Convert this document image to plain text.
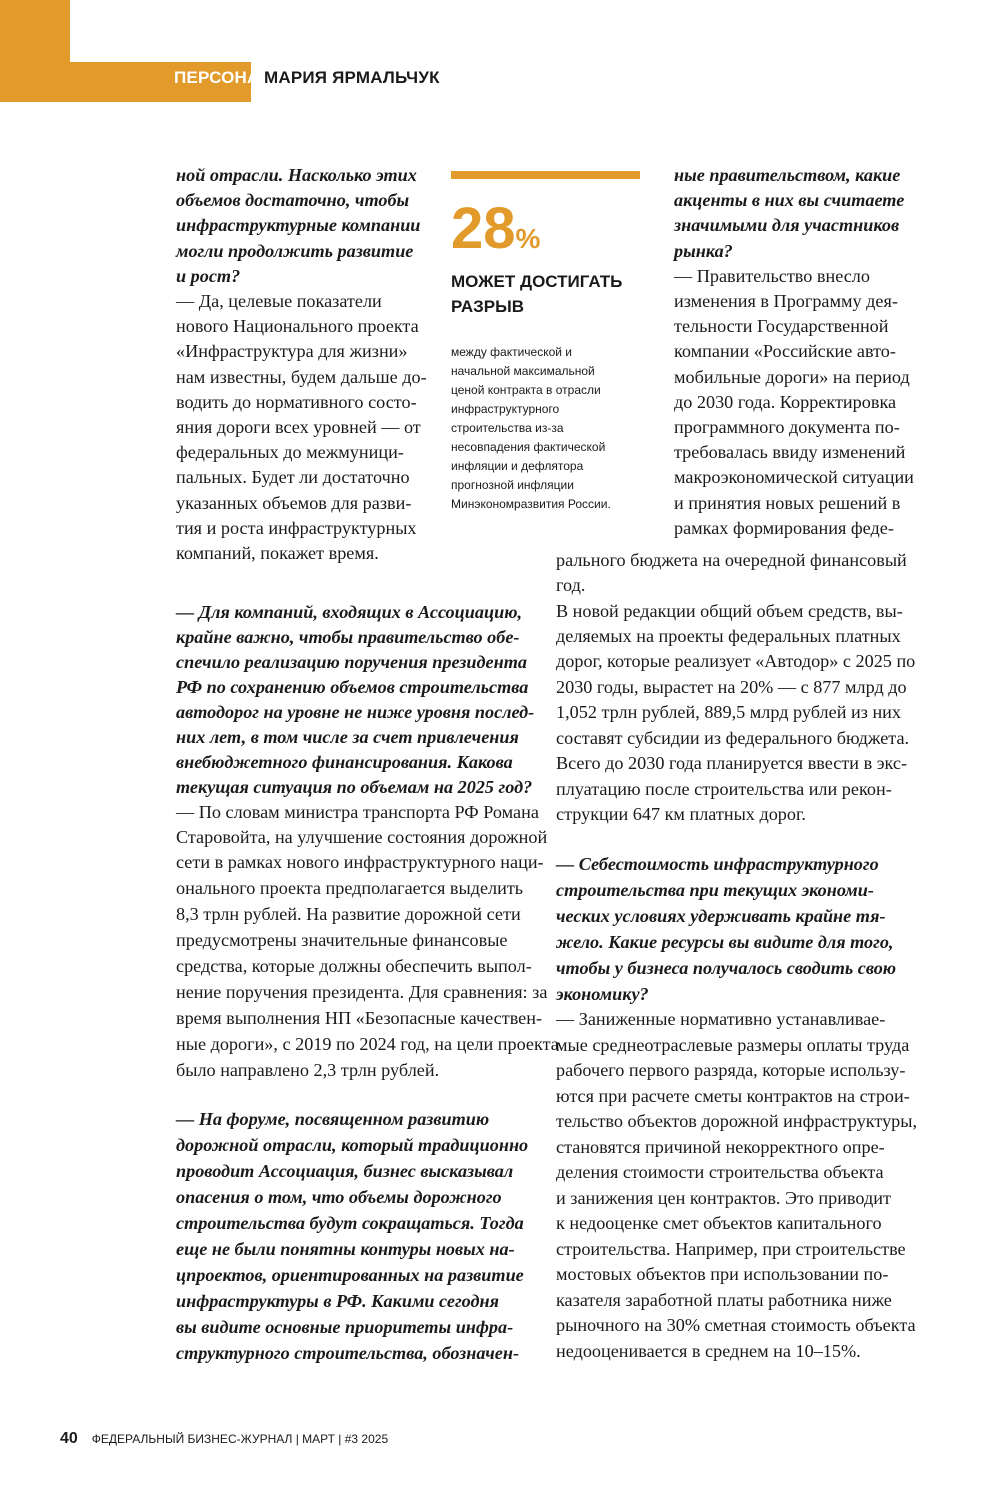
ПЕРСОНА МАРИЯ ЯРМАЛЬЧУК
ной отрасли. Насколько этих
объемов достаточно, чтобы
инфраструктурные компании
могли продолжить развитие
и рост?
— Да, целевые показатели
нового Национального проекта
«Инфраструктура для жизни»
нам известны, будем дальше до-
водить до нормативного состо-
яния дороги всех уровней — от
федеральных до межмуници-
пальных. Будет ли достаточно
указанных объемов для разви-
тия и роста инфраструктурных
компаний, покажет время.
— Для компаний, входящих в Ассоциацию,
крайне важно, чтобы правительство обе-
спечило реализацию поручения президента
РФ по сохранению объемов строительства
автодорог на уровне не ниже уровня послед-
них лет, в том числе за счет привлечения
внебюджетного финансирования. Какова
текущая ситуация по объемам на 2025 год?
— По словам министра транспорта РФ Романа
Старовойта, на улучшение состояния дорожной
сети в рамках нового инфраструктурного наци-
онального проекта предполагается выделить
8,3 трлн рублей. На развитие дорожной сети
предусмотрены значительные финансовые
средства, которые должны обеспечить выпол-
нение поручения президента. Для сравнения: за
время выполнения НП «Безопасные качествен-
ные дороги», с 2019 по 2024 год, на цели проекта
было направлено 2,3 трлн рублей.
— На форуме, посвященном развитию
дорожной отрасли, который традиционно
проводит Ассоциация, бизнес высказывал
опасения о том, что объемы дорожного
строительства будут сокращаться. Тогда
еще не были понятны контуры новых на-
цпроектов, ориентированных на развитие
инфраструктуры в РФ. Какими сегодня
вы видите основные приоритеты инфра-
структурного строительства, обозначен-
28%
МОЖЕТ ДОСТИГАТЬ
РАЗРЫВ
между фактической и
начальной максимальной
ценой контракта в отрасли
инфраструктурного
строительства из-за
несовпадения фактической
инфляции и дефлятора
прогнозной инфляции
Минэкономразвития России.
ные правительством, какие
акценты в них вы считаете
значимыми для участников
рынка?
— Правительство внесло
изменения в Программу дея-
тельности Государственной
компании «Российские авто-
мобильные дороги» на период
до 2030 года. Корректировка
программного документа по-
требовалась ввиду изменений
макроэкономической ситуации
и принятия новых решений в
рамках формирования феде-
рального бюджета на очередной финансовый
год.
В новой редакции общий объем средств, вы-
деляемых на проекты федеральных платных
дорог, которые реализует «Автодор» с 2025 по
2030 годы, вырастет на 20% — с 877 млрд до
1,052 трлн рублей, 889,5 млрд рублей из них
составят субсидии из федерального бюджета.
Всего до 2030 года планируется ввести в экс-
плуатацию после строительства или рекон-
струкции 647 км платных дорог.
— Себестоимость инфраструктурного
строительства при текущих экономи-
ческих условиях удерживать крайне тя-
жело. Какие ресурсы вы видите для того,
чтобы у бизнеса получалось сводить свою
экономику?
— Заниженные нормативно устанавливае-
мые среднеотраслевые размеры оплаты труда
рабочего первого разряда, которые использу-
ются при расчете сметы контрактов на строи-
тельство объектов дорожной инфраструктуры,
становятся причиной некорректного опре-
деления стоимости строительства объекта
и занижения цен контрактов. Это приводит
к недооценке смет объектов капитального
строительства. Например, при строительстве
мостовых объектов при использовании по-
казателя заработной платы работника ниже
рыночного на 30% сметная стоимость объекта
недооценивается в среднем на 10–15%.
40 ФЕДЕРАЛЬНЫЙ БИЗНЕС-ЖУРНАЛ | МАРТ | #3 2025
